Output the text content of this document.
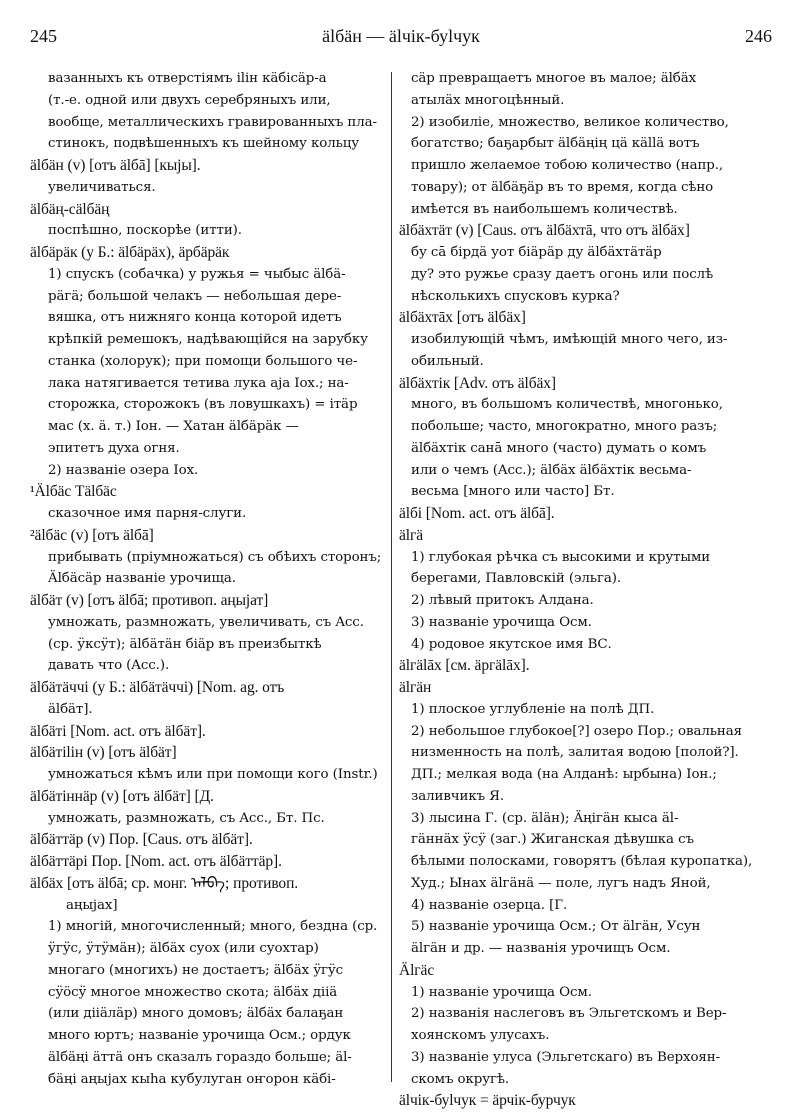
245	älбäн — älчік-буlчук	246
вазанныхъ къ отверстіямъ ilін кäбiсäр-а
(т.-е. одной или двухъ серебряныхъ или,
вообще, металлическихъ гравированныхъ пла-
стинокъ, подвѣшенныхъ къ шейному кольцу
älбäн (v) [отъ älбā] [кыјы].
увеличиваться.
älбäң-сälбäң
поспѣшно, поскорѣе (итти).
älбäрäк (у Б.: älбäрäх), äрбäрäк
1) спускъ (собачка) у ружья = чыбыс älбä-
рäгä; большой челакъ — небольшая дере-
вяшка, отъ нижняго конца которой идетъ
крѣпкій ремешокъ, надѣвающійся на зарубку
станка (холорук); при помощи большого че-
лака натягивается тетива лука аја Іох.; на-
сторожка, сторожокъ (въ ловушкахъ) = ітäр
мас (х. ä. т.) Іон. — Хатан älбäрäк —
эпитетъ духа огня.
2) названіе озера Іох.
¹Älбäс Тälбäс
сказочное имя парня-слуги.
²älбäс (v) [отъ älбā]
прибывать (пріумножаться) съ обѣихъ сторонъ;
Älбäсäр названіе урочища.
älбäт (v) [отъ älбā; противоп. аңыјат]
умножать, размножать, увеличивать, съ Acc.
(ср. ӱксӱт); älбäтäн біäр въ преизбыткѣ
давать что (Acc.).
älбäтäччі (у Б.: älбäтäччі) [Nom. ag. отъ
älбäт].
älбäті [Nom. act. отъ älбäт].
älбäтiliн (v) [отъ älбäт]
умножаться кѣмъ или при помощи кого (Instr.)
älбäтiннäр (v) [отъ älбäт] [Д.
умножать, размножать, съ Acc., Бт. Пс.
älбäттäр (v) Пор. [Caus. отъ älбäт].
älбäттäрі Пор. [Nom. act. отъ älбäттäр].
älбäх [отъ älбā; ср. монг. ᠠᠯᠪᠠ; противоп.
аңыјах]
1) многій, многочисленный; много, бездна (ср.
ӱгӱс, ӱтӱмäн); älбäх суох (или суохтар)
многаго (многихъ) не достаетъ; älбäх ӱгӱс
сӱöсӱ многое множество скота; älбäх діiä
(или діiäлäр) много домовъ; älбäх балаҕан
много юртъ; названіе урочища Осм.; ордук
älбäңi äттä онъ сказалъ гораздо больше; äl-
бäңi аңыјах кыһа кубулуган оҥорон кäбі-
сäр превращаетъ многое въ малое; älбäх
атылäх многоцѣнный.
2) изобиліе, множество, великое количество,
богатство; баҕарбыт älбäңiң цä кällä вотъ
пришло желаемое тобою количество (напр.,
товару); от älбäҕäр въ то время, когда сѣно
имѣется въ наибольшемъ количествѣ.
älбäхтäт (v) [Caus. отъ älбäхтā, что отъ älбäх]
бу сā бірдä уот біäрäр ду älбäхтäтäр
ду? это ружье сразу даетъ огонь или послѣ
нѣсколькихъ спусковъ курка?
älбäхтāх [отъ älбäх]
изобилующій чѣмъ, имѣющій много чего, из-
обильный.
älбäхтік [Adv. отъ älбäх]
много, въ большомъ количествѣ, многонько,
побольше; часто, многократно, много разъ;
älбäхтік санā много (часто) думать о комъ
или о чемъ (Acc.); älбäх älбäхтік весьма-
весьма [много или часто] Бт.
älбі [Nom. act. отъ älбā].
älгä
1) глубокая рѣчка съ высокими и крутыми
берегами, Павловскій (эльга).
2) лѣвый притокъ Алдана.
3) названіе урочища Осм.
4) родовое якутское имя ВС.
älгälāх [см. äргälāх].
älгäн
1) плоское углубленіе на полѣ ДП.
2) небольшое глубокое[?] озеро Пор.; овальная
низменность на полѣ, залитая водою [полой?].
ДП.; мелкая вода (на Алданѣ: ырбына) Іон.;
заливчикъ Я.
3) лысина Г. (ср. äläн); Äңiгäн кыса äl-
гäннäх ӱсӱ (заг.) Жиганская дѣвушка съ
бѣлыми полосками, говорятъ (бѣлая куропатка),
Худ.; Ынах älгäнä — поле, лугъ надъ Яной,
4) названіе озерца. [Г.
5) названіе урочища Осм.; От älгäн, Усун
älгäн и др. — названія урочищъ Осм.
Älгäс
1) названіе урочища Осм.
2) названія наслеговъ въ Эльгетскомъ и Вер-
хоянскомъ улусахъ.
3) названіе улуса (Эльгетскаго) въ Верхоян-
скомъ округѣ.
älчік-буlчук = äрчік-бурчук
